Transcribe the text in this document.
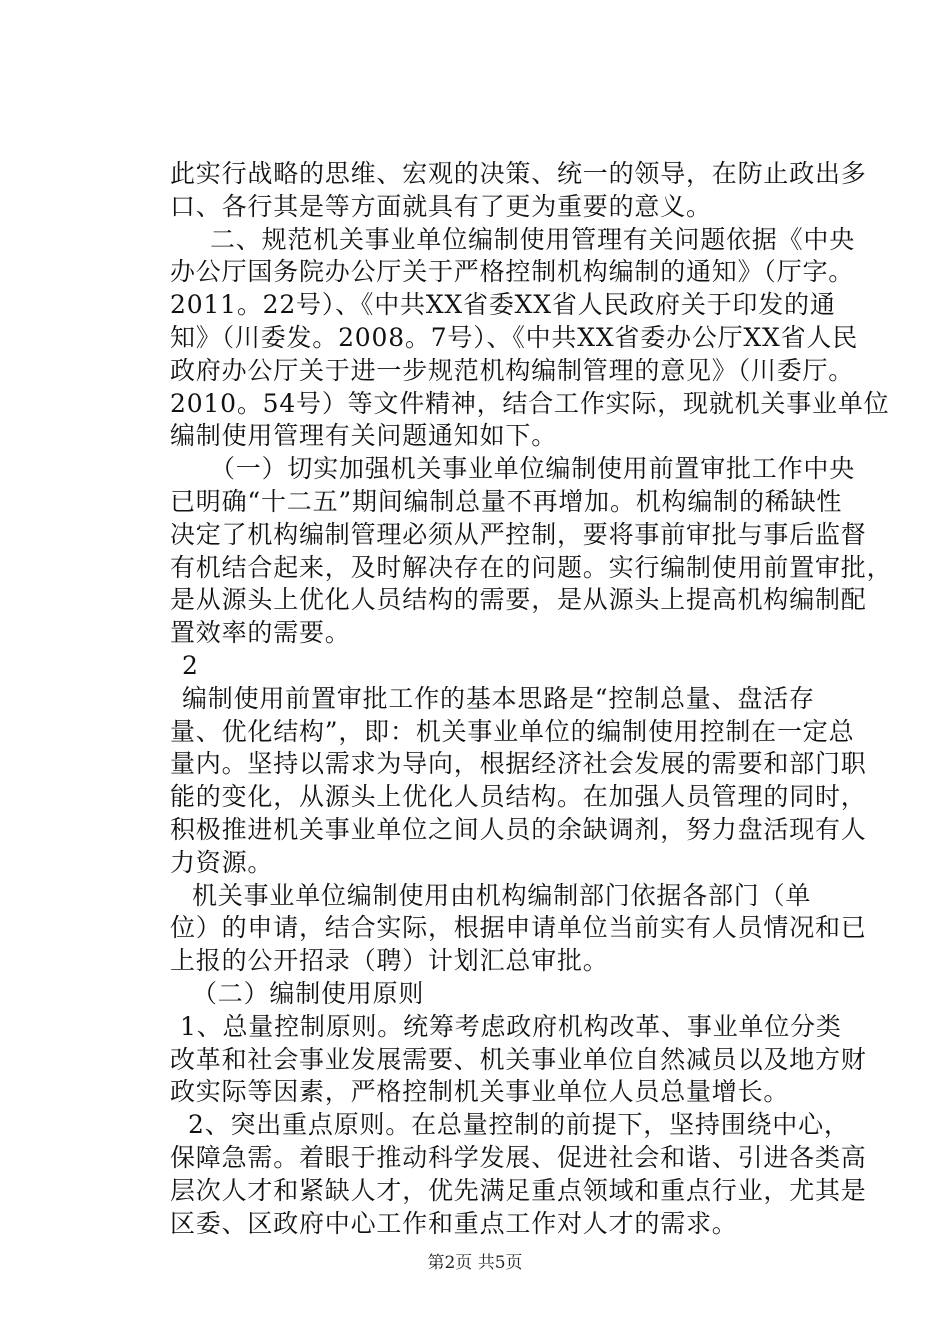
此实行战略的思维、宏观的决策、统一的领导，在防止政出多
口、各行其是等方面就具有了更为重要的意义。
二、规范机关事业单位编制使用管理有关问题依据《中央
办公厅国务院办公厅关于严格控制机构编制的通知》（厅字。
2011。22号）、《中共XX省委XX省人民政府关于印发的通
知》（川委发。2008。7号）、《中共XX省委办公厅XX省人民
政府办公厅关于进一步规范机构编制管理的意见》（川委厅。
2010。54号）等文件精神，结合工作实际，现就机关事业单位
编制使用管理有关问题通知如下。
（一）切实加强机关事业单位编制使用前置审批工作中央
已明确“十二五”期间编制总量不再增加。机构编制的稀缺性
决定了机构编制管理必须从严控制，要将事前审批与事后监督
有机结合起来，及时解决存在的问题。实行编制使用前置审批，
是从源头上优化人员结构的需要，是从源头上提高机构编制配
置效率的需要。
2
编制使用前置审批工作的基本思路是“控制总量、盘活存
量、优化结构”，即：机关事业单位的编制使用控制在一定总
量内。坚持以需求为导向，根据经济社会发展的需要和部门职
能的变化，从源头上优化人员结构。在加强人员管理的同时，
积极推进机关事业单位之间人员的余缺调剂，努力盘活现有人
力资源。
机关事业单位编制使用由机构编制部门依据各部门（单
位）的申请，结合实际，根据申请单位当前实有人员情况和已
上报的公开招录（聘）计划汇总审批。
（二）编制使用原则
1、总量控制原则。统筹考虑政府机构改革、事业单位分类
改革和社会事业发展需要、机关事业单位自然减员以及地方财
政实际等因素，严格控制机关事业单位人员总量增长。
2、突出重点原则。在总量控制的前提下，坚持围绕中心，
保障急需。着眼于推动科学发展、促进社会和谐、引进各类高
层次人才和紧缺人才，优先满足重点领域和重点行业，尤其是
区委、区政府中心工作和重点工作对人才的需求。
第2页 共5页
